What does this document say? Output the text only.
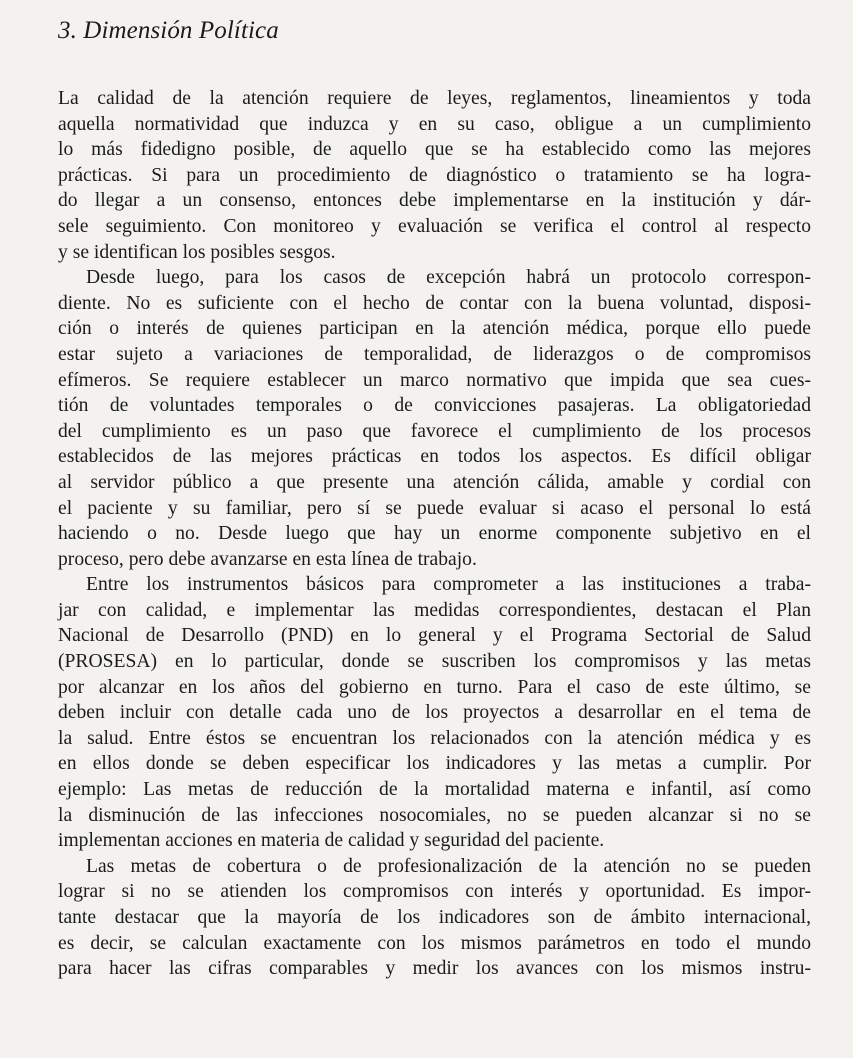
3. Dimensión Política

La calidad de la atención requiere de leyes, reglamentos, lineamientos y toda
aquella normatividad que induzca y en su caso, obligue a un cumplimiento
lo más fidedigno posible, de aquello que se ha establecido como las mejores
prácticas. Si para un procedimiento de diagnóstico o tratamiento se ha logra-
do llegar a un consenso, entonces debe implementarse en la institución y dár-
sele seguimiento. Con monitoreo y evaluación se verifica el control al respecto
y se identifican los posibles sesgos.

Desde luego, para los casos de excepción habrá un protocolo correspon-
diente. No es suficiente con el hecho de contar con la buena voluntad, disposi-
ción o interés de quienes participan en la atención médica, porque ello puede
estar sujeto a variaciones de temporalidad, de liderazgos o de compromisos
efímeros. Se requiere establecer un marco normativo que impida que sea cues-
tión de voluntades temporales o de convicciones pasajeras. La obligatoriedad
del cumplimiento es un paso que favorece el cumplimiento de los procesos
establecidos de las mejores prácticas en todos los aspectos. Es difícil obligar
al servidor público a que presente una atención cálida, amable y cordial con
el paciente y su familiar, pero sí se puede evaluar si acaso el personal lo está
haciendo o no. Desde luego que hay un enorme componente subjetivo en el
proceso, pero debe avanzarse en esta línea de trabajo.

Entre los instrumentos básicos para comprometer a las instituciones a traba-
jar con calidad, e implementar las medidas correspondientes, destacan el Plan
Nacional de Desarrollo (PND) en lo general y el Programa Sectorial de Salud
(PROSESA) en lo particular, donde se suscriben los compromisos y las metas
por alcanzar en los años del gobierno en turno. Para el caso de este último, se
deben incluir con detalle cada uno de los proyectos a desarrollar en el tema de
la salud. Entre éstos se encuentran los relacionados con la atención médica y es
en ellos donde se deben especificar los indicadores y las metas a cumplir. Por
ejemplo: Las metas de reducción de la mortalidad materna e infantil, así como
la disminución de las infecciones nosocomiales, no se pueden alcanzar si no se
implementan acciones en materia de calidad y seguridad del paciente.

Las metas de cobertura o de profesionalización de la atención no se pueden
lograr si no se atienden los compromisos con interés y oportunidad. Es impor-
tante destacar que la mayoría de los indicadores son de ámbito internacional,
es decir, se calculan exactamente con los mismos parámetros en todo el mundo
para hacer las cifras comparables y medir los avances con los mismos instru-
